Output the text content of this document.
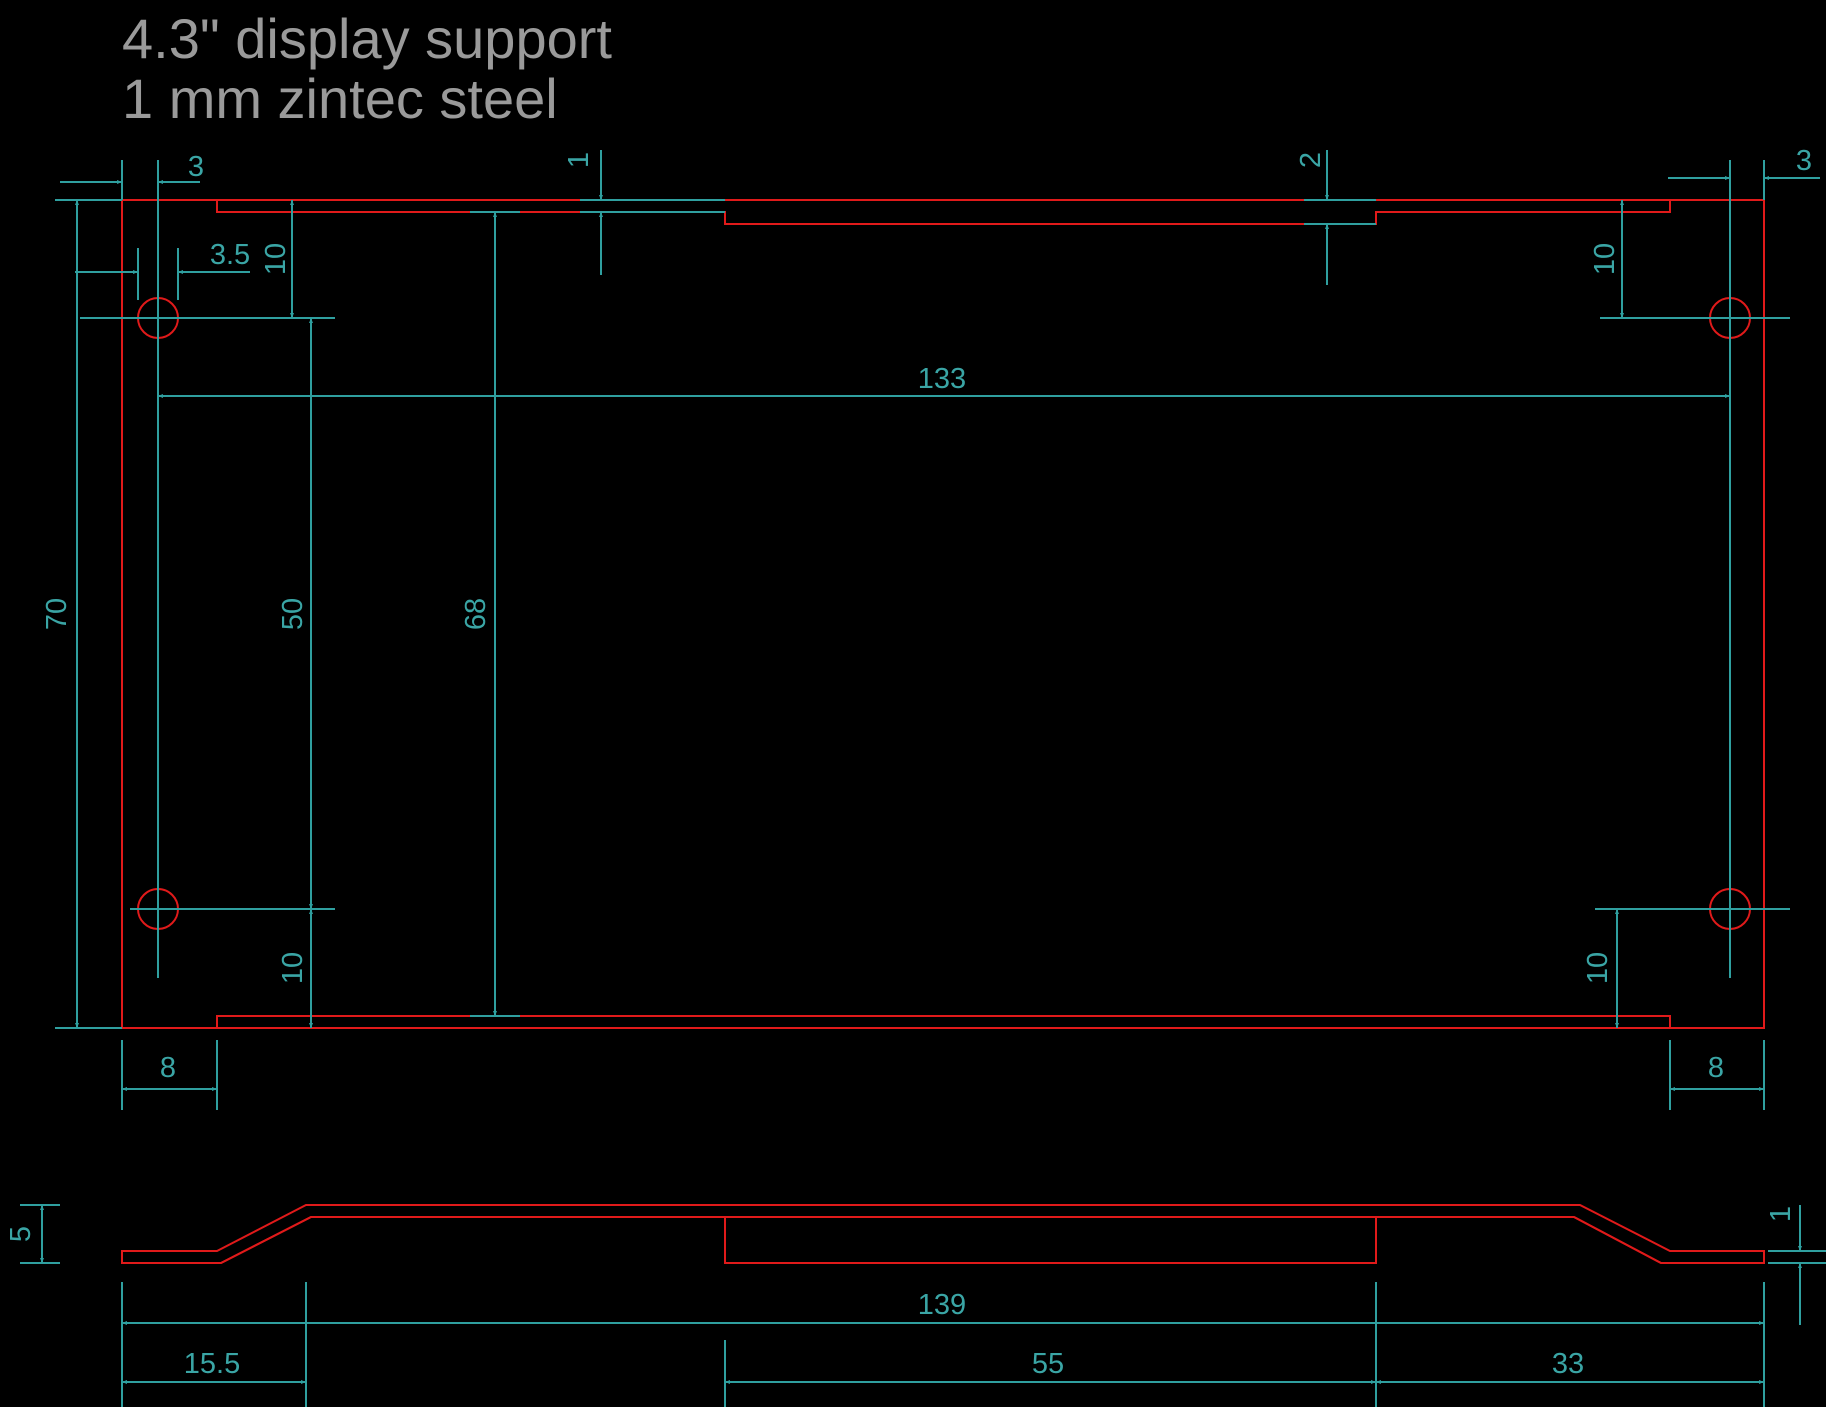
4.3" display support
1 mm zintec steel
3	3
1	2
3.5 10	10
133
70	50	68
10	10
8	8
5
1
139
15.5	55	33
